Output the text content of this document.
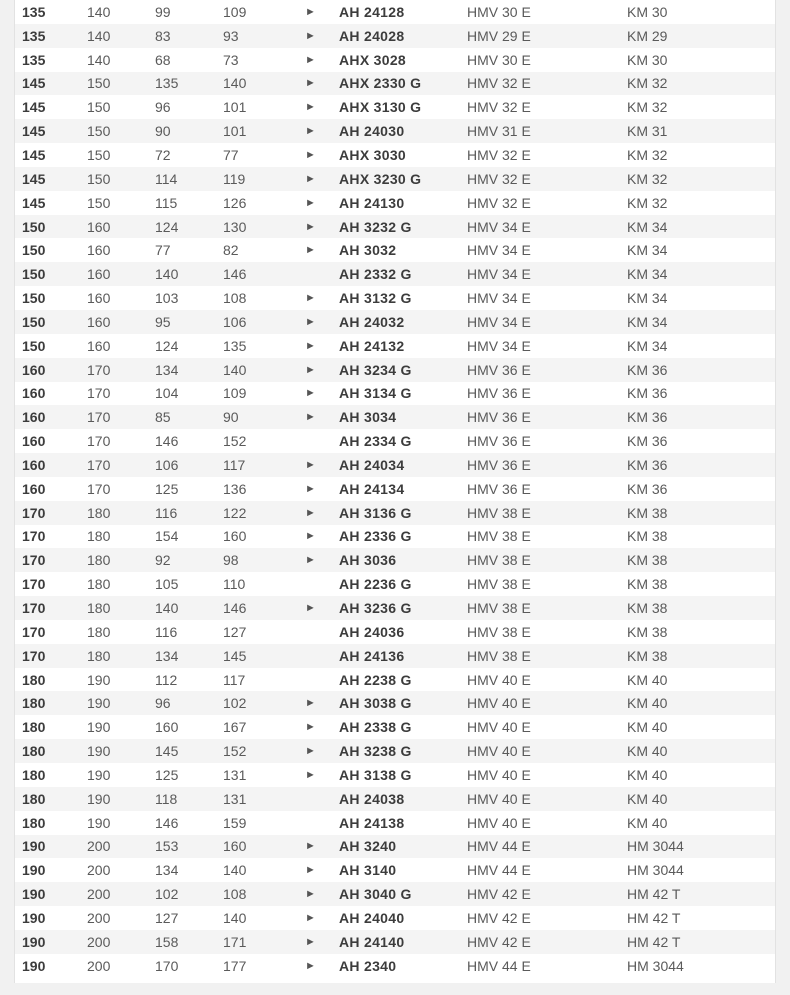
135	140	99	109	►	AH 24128	HMV 30 E	KM 30
135	140	83	93	►	AH 24028	HMV 29 E	KM 29
135	140	68	73	►	AHX 3028	HMV 30 E	KM 30
145	150	135	140	►	AHX 2330 G	HMV 32 E	KM 32
145	150	96	101	►	AHX 3130 G	HMV 32 E	KM 32
145	150	90	101	►	AH 24030	HMV 31 E	KM 31
145	150	72	77	►	AHX 3030	HMV 32 E	KM 32
145	150	114	119	►	AHX 3230 G	HMV 32 E	KM 32
145	150	115	126	►	AH 24130	HMV 32 E	KM 32
150	160	124	130	►	AH 3232 G	HMV 34 E	KM 34
150	160	77	82	►	AH 3032	HMV 34 E	KM 34
150	160	140	146		AH 2332 G	HMV 34 E	KM 34
150	160	103	108	►	AH 3132 G	HMV 34 E	KM 34
150	160	95	106	►	AH 24032	HMV 34 E	KM 34
150	160	124	135	►	AH 24132	HMV 34 E	KM 34
160	170	134	140	►	AH 3234 G	HMV 36 E	KM 36
160	170	104	109	►	AH 3134 G	HMV 36 E	KM 36
160	170	85	90	►	AH 3034	HMV 36 E	KM 36
160	170	146	152		AH 2334 G	HMV 36 E	KM 36
160	170	106	117	►	AH 24034	HMV 36 E	KM 36
160	170	125	136	►	AH 24134	HMV 36 E	KM 36
170	180	116	122	►	AH 3136 G	HMV 38 E	KM 38
170	180	154	160	►	AH 2336 G	HMV 38 E	KM 38
170	180	92	98	►	AH 3036	HMV 38 E	KM 38
170	180	105	110		AH 2236 G	HMV 38 E	KM 38
170	180	140	146	►	AH 3236 G	HMV 38 E	KM 38
170	180	116	127		AH 24036	HMV 38 E	KM 38
170	180	134	145		AH 24136	HMV 38 E	KM 38
180	190	112	117		AH 2238 G	HMV 40 E	KM 40
180	190	96	102	►	AH 3038 G	HMV 40 E	KM 40
180	190	160	167	►	AH 2338 G	HMV 40 E	KM 40
180	190	145	152	►	AH 3238 G	HMV 40 E	KM 40
180	190	125	131	►	AH 3138 G	HMV 40 E	KM 40
180	190	118	131		AH 24038	HMV 40 E	KM 40
180	190	146	159		AH 24138	HMV 40 E	KM 40
190	200	153	160	►	AH 3240	HMV 44 E	HM 3044
190	200	134	140	►	AH 3140	HMV 44 E	HM 3044
190	200	102	108	►	AH 3040 G	HMV 42 E	HM 42 T
190	200	127	140	►	AH 24040	HMV 42 E	HM 42 T
190	200	158	171	►	AH 24140	HMV 42 E	HM 42 T
190	200	170	177	►	AH 2340	HMV 44 E	HM 3044
